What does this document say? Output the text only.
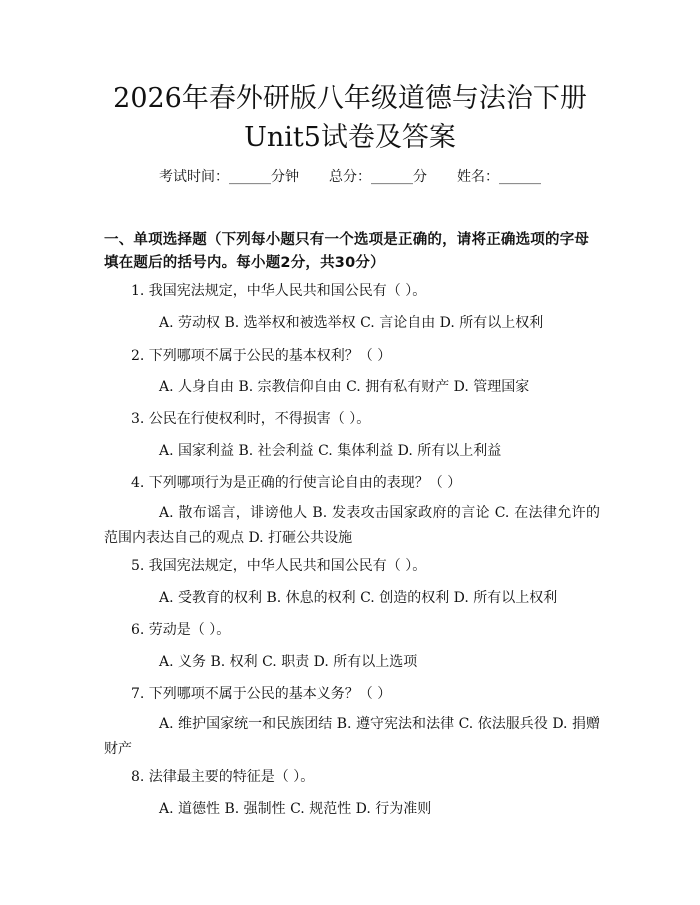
2026年春外研版八年级道德与法治下册
Unit5试卷及答案
考试时间：______分钟 总分：______分 姓名：______
一、单项选择题（下列每小题只有一个选项是正确的，请将正确选项的字母填在题后的括号内。每小题2分，共30分）
1. 我国宪法规定，中华人民共和国公民有（ ）。
A. 劳动权 B. 选举权和被选举权 C. 言论自由 D. 所有以上权利
2. 下列哪项不属于公民的基本权利？（ ）
A. 人身自由 B. 宗教信仰自由 C. 拥有私有财产 D. 管理国家
3. 公民在行使权利时，不得损害（ ）。
A. 国家利益 B. 社会利益 C. 集体利益 D. 所有以上利益
4. 下列哪项行为是正确的行使言论自由的表现？（ ）
A. 散布谣言，诽谤他人 B. 发表攻击国家政府的言论 C. 在法律允许的范围内表达自己的观点 D. 打砸公共设施
5. 我国宪法规定，中华人民共和国公民有（ ）。
A. 受教育的权利 B. 休息的权利 C. 创造的权利 D. 所有以上权利
6. 劳动是（ ）。
A. 义务 B. 权利 C. 职责 D. 所有以上选项
7. 下列哪项不属于公民的基本义务？（ ）
A. 维护国家统一和民族团结 B. 遵守宪法和法律 C. 依法服兵役 D. 捐赠财产
8. 法律最主要的特征是（ ）。
A. 道德性 B. 强制性 C. 规范性 D. 行为准则
